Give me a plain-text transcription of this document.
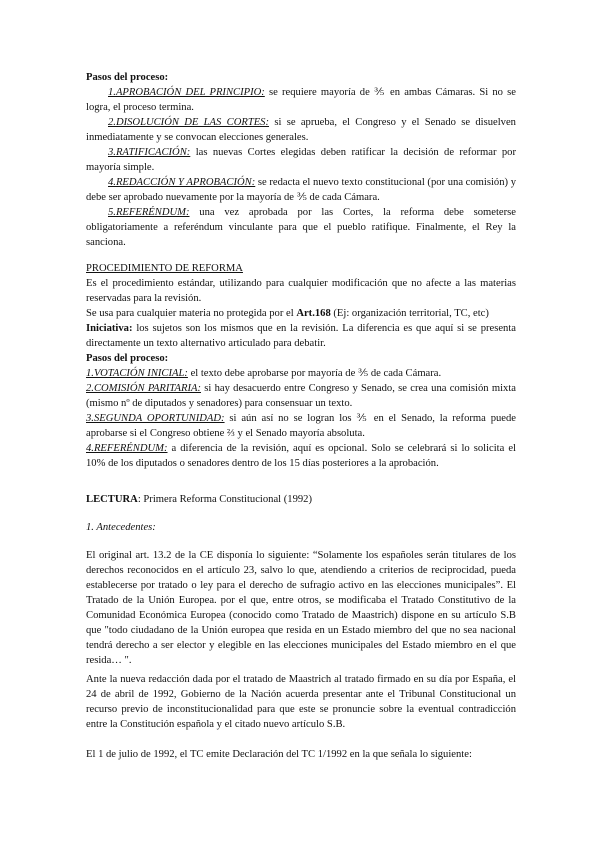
Pasos del proceso:

1.APROBACIÓN DEL PRINCIPIO: se requiere mayoría de ⅗ en ambas Cámaras. Si no se logra, el proceso termina.

2.DISOLUCIÓN DE LAS CORTES: si se aprueba, el Congreso y el Senado se disuelven inmediatamente y se convocan elecciones generales.

3.RATIFICACIÓN: las nuevas Cortes elegidas deben ratificar la decisión de reformar por mayoría simple.

4.REDACCIÓN Y APROBACIÓN: se redacta el nuevo texto constitucional (por una comisión) y debe ser aprobado nuevamente por la mayoría de ⅗ de cada Cámara.

5.REFERÉNDUM: una vez aprobada por las Cortes, la reforma debe someterse obligatoriamente a referéndum vinculante para que el pueblo ratifique. Finalmente, el Rey la sanciona.

PROCEDIMIENTO DE REFORMA

Es el procedimiento estándar, utilizando para cualquier modificación que no afecte a las materias reservadas para la revisión.

Se usa para cualquier materia no protegida por el Art.168 (Ej: organización territorial, TC, etc)

Iniciativa: los sujetos son los mismos que en la revisión. La diferencia es que aquí si se presenta directamente un texto alternativo articulado para debatir.

Pasos del proceso:

1.VOTACIÓN INICIAL: el texto debe aprobarse por mayoría de ⅗ de cada Cámara.

2.COMISIÓN PARITARIA: si hay desacuerdo entre Congreso y Senado, se crea una comisión mixta (mismo nº de diputados y senadores) para consensuar un texto.

3.SEGUNDA OPORTUNIDAD: si aún así no se logran los ⅗ en el Senado, la reforma puede aprobarse si el Congreso obtiene ⅔ y el Senado mayoría absoluta.

4.REFERÉNDUM: a diferencia de la revisión, aquí es opcional. Solo se celebrará si lo solicita el 10% de los diputados o senadores dentro de los 15 días posteriores a la aprobación.

LECTURA: Primera Reforma Constitucional (1992)

1. Antecedentes:

El original art. 13.2 de la CE disponía lo siguiente: “Solamente los españoles serán titulares de los derechos reconocidos en el artículo 23, salvo lo que, atendiendo a criterios de reciprocidad, pueda establecerse por tratado o ley para el derecho de sufragio activo en las elecciones municipales”. El Tratado de la Unión Europea. por el que, entre otros, se modificaba el Tratado Constitutivo de la Comunidad Económica Europea (conocido como Tratado de Maastrich) dispone en su artículo S.B que "todo ciudadano de la Unión europea que resida en un Estado miembro del que no sea nacional tendrá derecho a ser elector y elegible en las elecciones municipales del Estado miembro en el que resida… ".

Ante la nueva redacción dada por el tratado de Maastrich al tratado firmado en su día por España, el 24 de abril de 1992, Gobierno de la Nación acuerda presentar ante el Tribunal Constitucional un recurso previo de inconstitucionalidad para que este se pronuncie sobre la eventual contradicción entre la Constitución española y el citado nuevo artículo S.B.

El 1 de julio de 1992, el TC emite Declaración del TC 1/1992 en la que señala lo siguiente:
